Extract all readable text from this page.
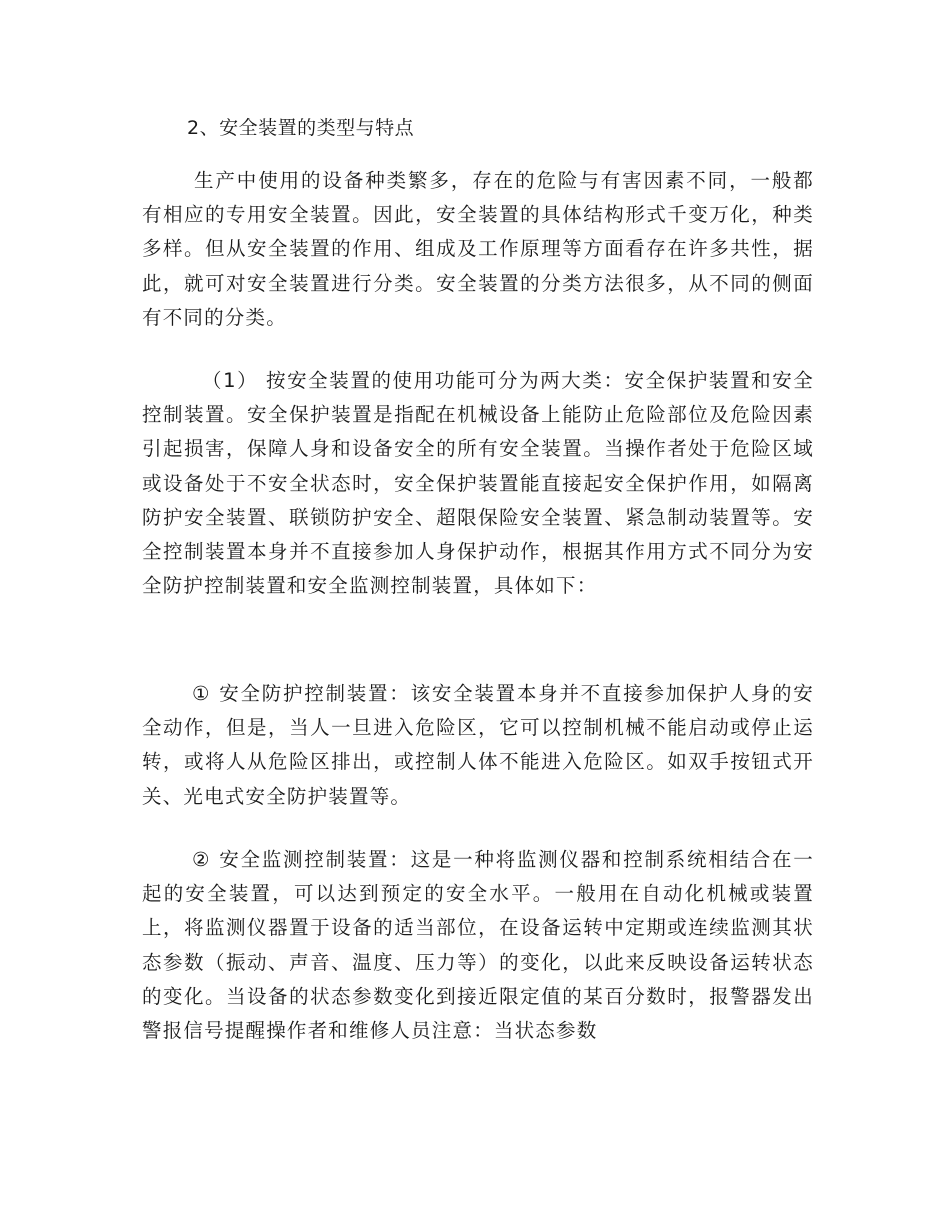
2、安全装置的类型与特点

生产中使用的设备种类繁多，存在的危险与有害因素不同，一般都有相应的专用安全装置。因此，安全装置的具体结构形式千变万化，种类多样。但从安全装置的作用、组成及工作原理等方面看存在许多共性，据此，就可对安全装置进行分类。安全装置的分类方法很多，从不同的侧面有不同的分类。

（1） 按安全装置的使用功能可分为两大类：安全保护装置和安全控制装置。安全保护装置是指配在机械设备上能防止危险部位及危险因素引起损害，保障人身和设备安全的所有安全装置。当操作者处于危险区域或设备处于不安全状态时，安全保护装置能直接起安全保护作用，如隔离防护安全装置、联锁防护安全、超限保险安全装置、紧急制动装置等。安全控制装置本身并不直接参加人身保护动作，根据其作用方式不同分为安全防护控制装置和安全监测控制装置，具体如下：

① 安全防护控制装置：该安全装置本身并不直接参加保护人身的安全动作，但是，当人一旦进入危险区，它可以控制机械不能启动或停止运转，或将人从危险区排出，或控制人体不能进入危险区。如双手按钮式开关、光电式安全防护装置等。

② 安全监测控制装置：这是一种将监测仪器和控制系统相结合在一起的安全装置，可以达到预定的安全水平。一般用在自动化机械或装置上，将监测仪器置于设备的适当部位，在设备运转中定期或连续监测其状态参数（振动、声音、温度、压力等）的变化，以此来反映设备运转状态的变化。当设备的状态参数变化到接近限定值的某百分数时，报警器发出警报信号提醒操作者和维修人员注意：当状态参数
